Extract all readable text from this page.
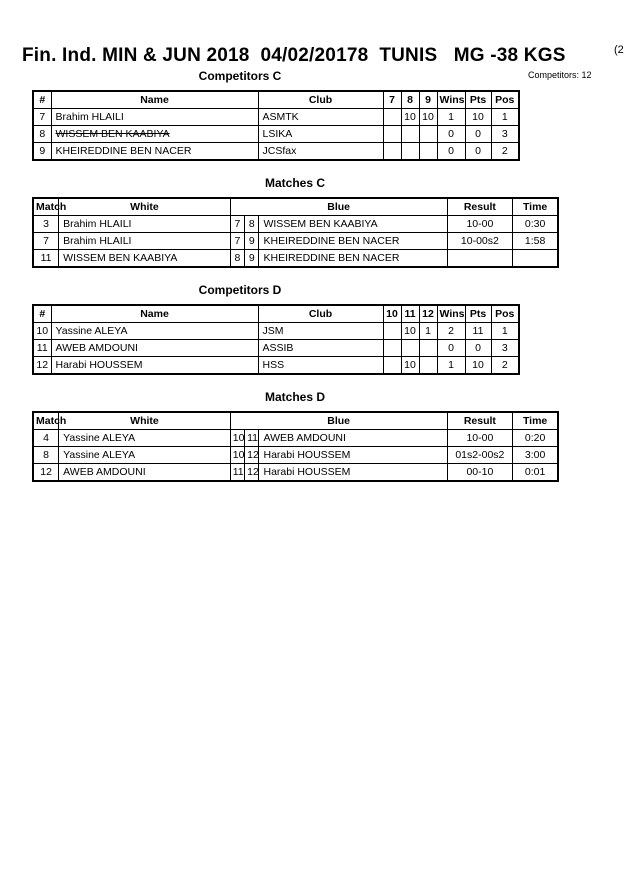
Fin. Ind. MIN & JUN 2018  04/02/20178  TUNIS   MG -38 KGS	(2
Competitors C	Competitors: 12
#	Name	Club	7	8	9	Wins	Pts	Pos
7	Brahim HLAILI	ASMTK		10	10	1	10	1
8	WISSEM BEN KAABIYA	LSIKA				0	0	3
9	KHEIREDDINE BEN NACER	JCSfax				0	0	2
Matches C
Match	White	Blue			Result	Time
3	Brahim HLAILI	7	8	WISSEM BEN KAABIYA	10-00	0:30
7	Brahim HLAILI	7	9	KHEIREDDINE BEN NACER	10-00s2	1:58
11	WISSEM BEN KAABIYA	8	9	KHEIREDDINE BEN NACER		
Competitors D
#	Name	Club	10	11	12	Wins	Pts	Pos
10	Yassine ALEYA	JSM		10	1	2	11	1
11	AWEB AMDOUNI	ASSIB				0	0	3
12	Harabi HOUSSEM	HSS		10		1	10	2
Matches D
Match	White	Blue			Result	Time
4	Yassine ALEYA	10	11	AWEB AMDOUNI	10-00	0:20
8	Yassine ALEYA	10	12	Harabi HOUSSEM	01s2-00s2	3:00
12	AWEB AMDOUNI	11	12	Harabi HOUSSEM	00-10	0:01
